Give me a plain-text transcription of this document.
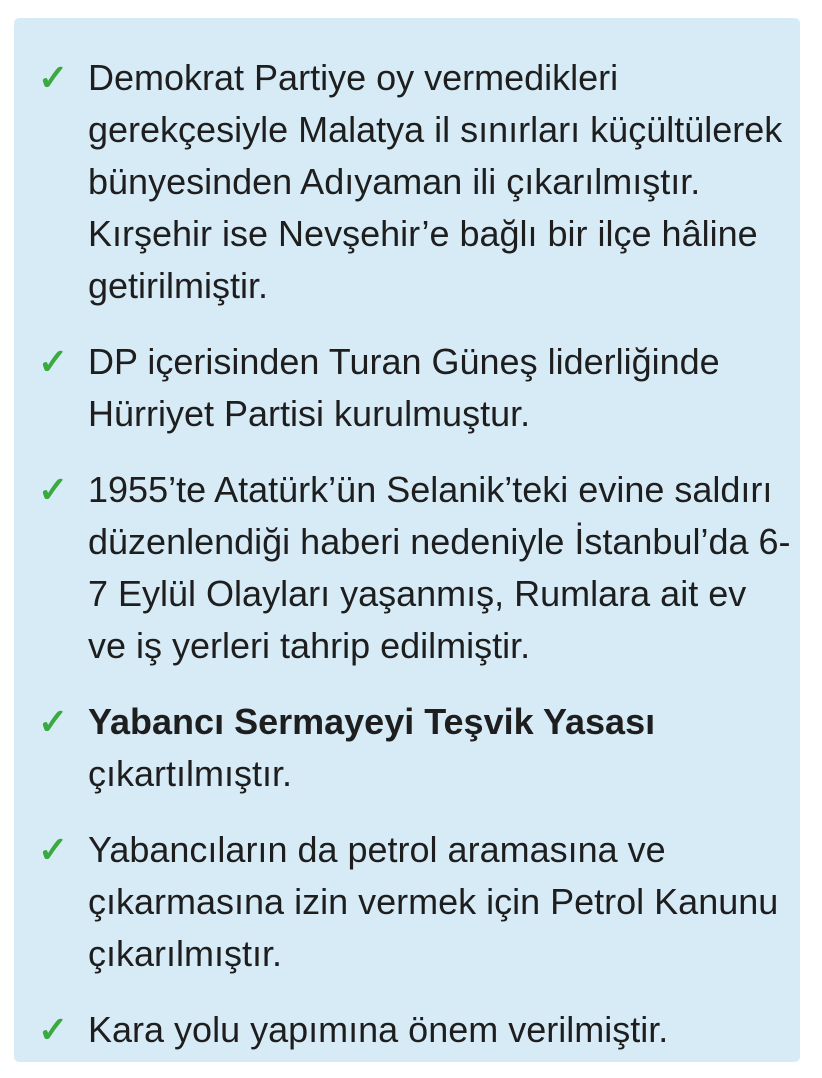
✓ Demokrat Partiye oy vermedikleri gerekçesiyle Malatya il sınırları küçültülerek bünyesinden Adıyaman ili çıkarılmıştır. Kırşehir ise Nevşehir’e bağlı bir ilçe hâline getirilmiştir.

✓ DP içerisinden Turan Güneş liderliğinde Hürriyet Partisi kurulmuştur.

✓ 1955’te Atatürk’ün Selanik’teki evine saldırı düzenlendiği haberi nedeniyle İstanbul’da 6-7 Eylül Olayları yaşanmış, Rumlara ait ev ve iş yerleri tahrip edilmiştir.

✓ Yabancı Sermayeyi Teşvik Yasası çıkartılmıştır.

✓ Yabancıların da petrol aramasına ve çıkarmasına izin vermek için Petrol Kanunu çıkarılmıştır.

✓ Kara yolu yapımına önem verilmiştir.
